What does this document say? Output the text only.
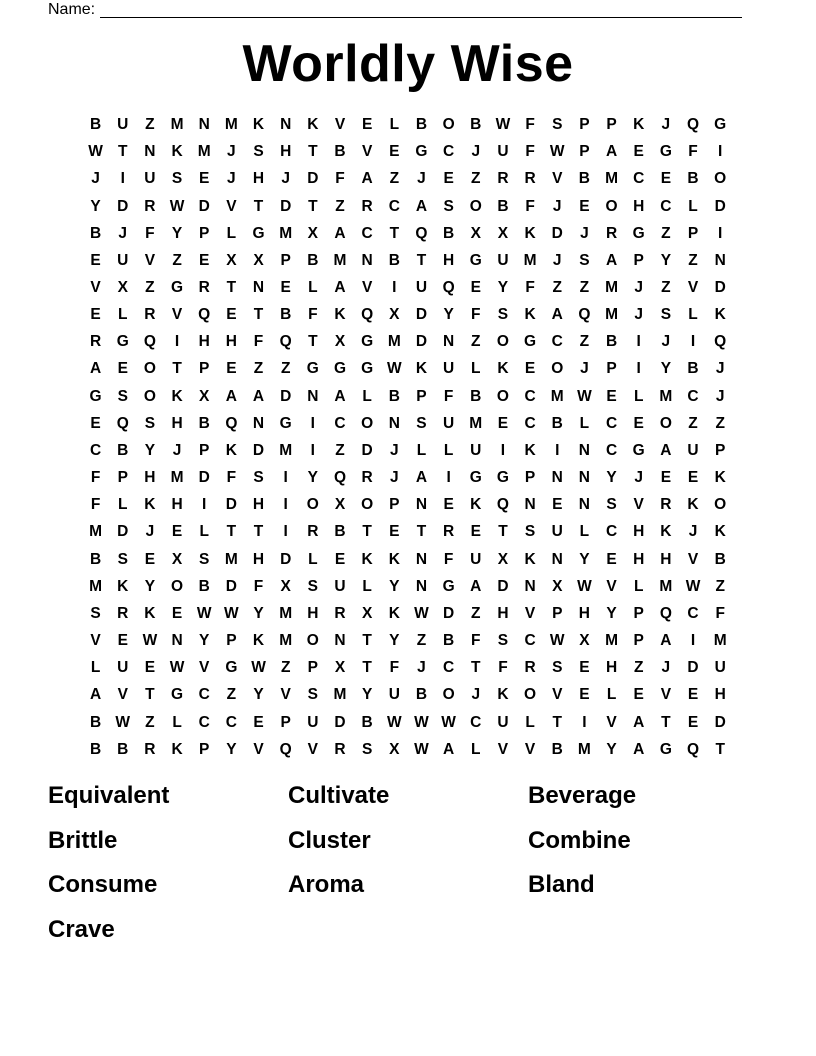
Name:
Worldly Wise
B	U	Z	M N M K	N	K	V	E	L	B	O	B W F	S	P	P	K	J	Q G
W T	N	K M	J	S	H	T	B	V	E	G	C	J	U	F W P	A	E	G	F	I
J	I	U	S	E	J	H	J	D	F	A	Z	J	E	Z	R	R	V	B M C	E	B	O
Y	D	R W D	V	T	D	T	Z	R	C	A	S	O	B	F	J	E	O	H	C	L	D
B	J	F	Y	P	L	G M	X	A	C	T	Q	B	X	X	K	D	J	R	G	Z	P	I
E	U	V	Z	E	X	X	P	B M N	B	T	H	G	U M	J	S	A	P	Y	Z	N
V	X	Z	G	R	T	N	E	L	A	V	I	U	Q	E	Y	F	Z	Z	M	J	Z	V	D
E	L	R	V	Q	E	T	B	F	K	Q	X	D	Y	F	S	K	A	Q M	J	S	L	K
R	G Q	I	H	H	F	Q	T	X	G M D	N	Z	O G	C	Z	B	I	J	I	Q
A	E	O	T	P	E	Z	Z	G G G W K	U	L	K	E	O	J	P	I	Y	B	J
G	S	O	K	X	A	A	D	N	A	L	B	P	F	B	O	C M W E	L	M C	J
E	Q	S	H	B	Q	N	G	I	C	O	N	S	U M	E	C	B	L	C	E	O	Z	Z
C	B	Y	J	P	K	D M	I	Z	D	J	L	L	U	I	K	I	N	C	G	A	U	P
F	P	H M D	F	S	I	Y	Q	R	J	A	I	G G	P	N	N	Y	J	E	E	K
F	L	K	H	I	D	H	I	O	X	O	P	N	E	K	Q	N	E	N	S	V	R	K	O
M D	J	E	L	T	T	I	R	B	T	E	T	R	E	T	S	U	L	C	H	K	J	K
B	S	E	X	S	M H	D	L	E	K	K	N	F	U	X	K	N	Y	E	H	H	V	B
M K	Y	O	B	D	F	X	S	U	L	Y	N	G	A	D	N	X W V	L	M W Z
S	R	K	E W W Y	M H	R	X	K W D	Z	H	V	P	H	Y	P	Q	C	F
V	E W N	Y	P	K M O	N	T	Y	Z	B	F	S	C W X	M	P	A	I	M
L	U	E W V	G W Z	P	X	T	F	J	C	T	F	R	S	E	H	Z	J	D	U
A	V	T	G	C	Z	Y	V	S	M	Y	U	B	O	J	K	O	V	E	L	E	V	E	H
B W Z	L	C	C	E	P	U	D	B W W W C	U	L	T	I	V	A	T	E	D
B	B	R	K	P	Y	V	Q	V	R	S	X W A	L	V	V	B M	Y	A	G Q	T
Equivalent	Cultivate	Beverage
Brittle	Cluster	Combine
Consume	Aroma	Bland
Crave
